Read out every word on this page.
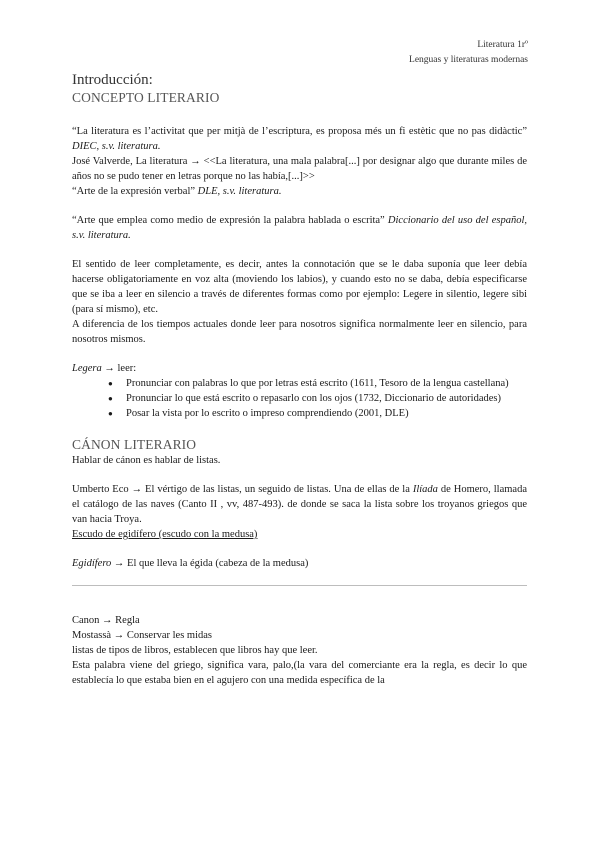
Literatura 1rº
Lenguas y literaturas modernas

Introducción:

CONCEPTO LITERARIO

“La literatura es l’activitat que per mitjà de l’escriptura, es proposa més un fi estètic que no pas didàctic” DIEC, s.v. literatura.

José Valverde, La literatura → <<La literatura, una mala palabra[...] por designar algo que durante miles de años no se pudo tener en letras porque no las había,[...]>>

“Arte de la expresión verbal” DLE, s.v. literatura.

“Arte que emplea como medio de expresión la palabra hablada o escrita” Diccionario del uso del español, s.v. literatura.

El sentido de leer completamente, es decir, antes la connotación que se le daba suponía que leer debía hacerse obligatoriamente en voz alta (moviendo los labios), y cuando esto no se daba, debía especificarse que se iba a leer en silencio a través de diferentes formas como por ejemplo: Legere in silentio, legere sibi (para sí mismo), etc.

A diferencia de los tiempos actuales donde leer para nosotros significa normalmente leer en silencio, para nosotros mismos.

Legera → leer:

● Pronunciar con palabras lo que por letras está escrito (1611, Tesoro de la lengua castellana)
● Pronunciar lo que está escrito o repasarlo con los ojos (1732, Diccionario de autoridades)
● Posar la vista por lo escrito o impreso comprendiendo (2001, DLE)

CÁNON LITERARIO

Hablar de cánon es hablar de listas.

Umberto Eco → El vértigo de las listas, un seguido de listas. Una de ellas de la Ilíada de Homero, llamada el catálogo de las naves (Canto II , vv, 487-493). de donde se saca la lista sobre los troyanos griegos que van hacia Troya.

Escudo de egidífero (escudo con la medusa)

Egidífero → El que lleva la égida (cabeza de la medusa)

Canon → Regla

Mostassà → Conservar les midas

listas de tipos de libros, establecen que libros hay que leer.

Esta palabra viene del griego, significa vara, palo,(la vara del comerciante era la regla, es decir lo que establecía lo que estaba bien en el agujero con una medida específica de la
